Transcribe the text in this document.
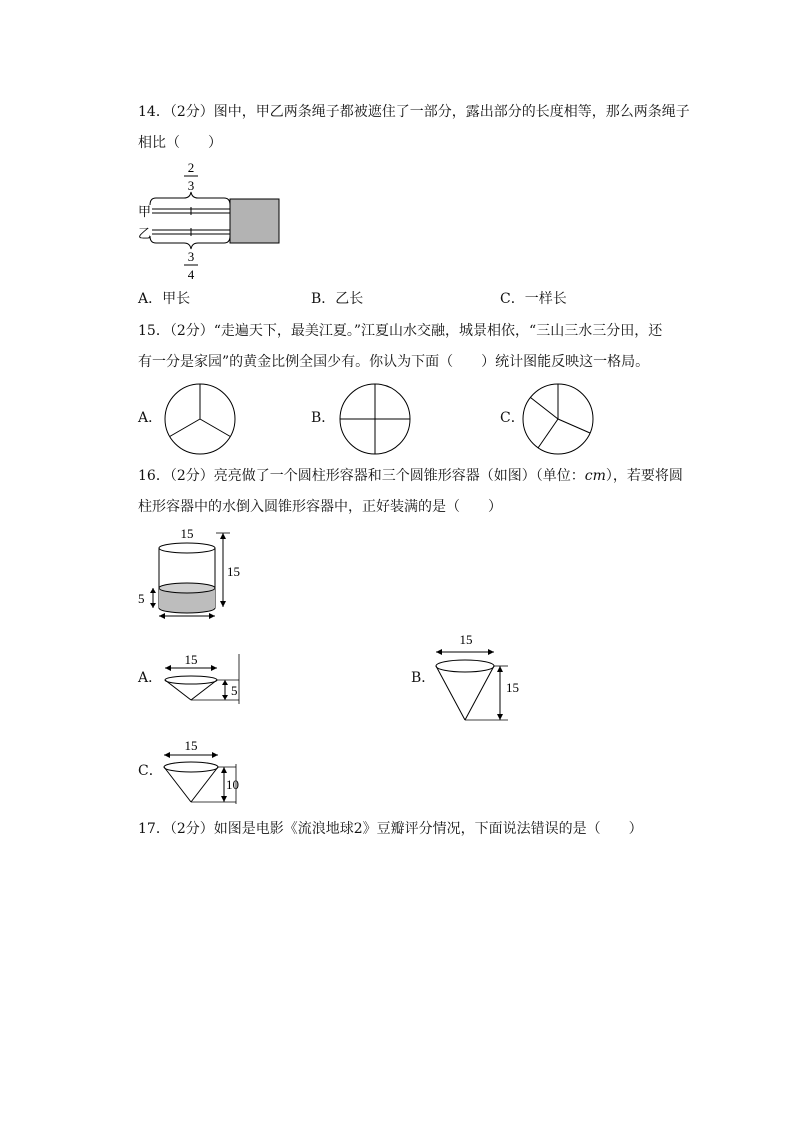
14．（2分）图中，甲乙两条绳子都被遮住了一部分，露出部分的长度相等，那么两条绳子
相比（　　）
2
3
甲
乙
3
4
A．甲长	B．乙长	C．一样长
15．（2分）“走遍天下，最美江夏。”江夏山水交融，城景相依，“三山三水三分田，还
有一分是家园”的黄金比例全国少有。你认为下面（　　）统计图能反映这一格局。
A．	B．	C．
16．（2分）亮亮做了一个圆柱形容器和三个圆锥形容器（如图）（单位：cm），若要将圆
柱形容器中的水倒入圆锥形容器中，正好装满的是（　　）
15
15
5
A．
15
5
B．
15
15
C．
15
10
17．（2分）如图是电影《流浪地球2》豆瓣评分情况，下面说法错误的是（　　）
